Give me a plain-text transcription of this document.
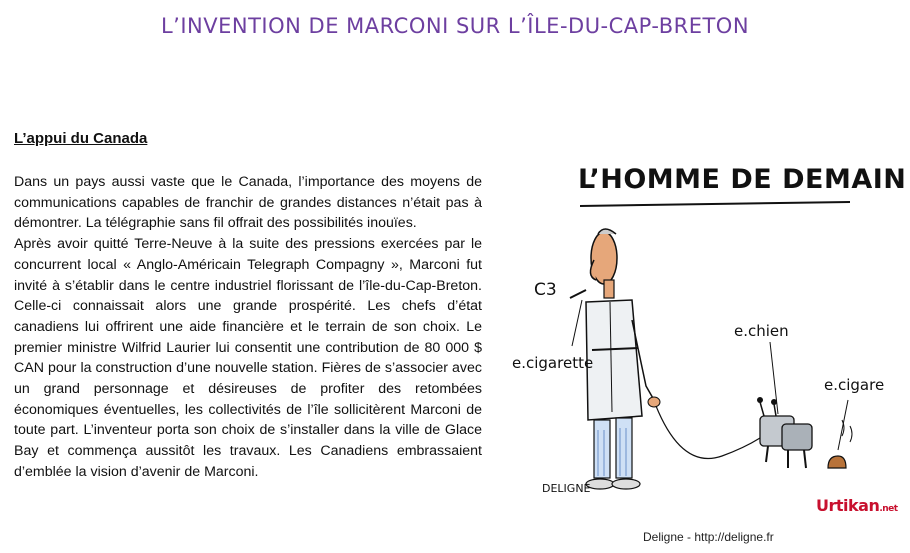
L’INVENTION DE MARCONI SUR L’ÎLE-DU-CAP-BRETON
L’appui du Canada

Dans un pays aussi vaste que le Canada, l’importance des moyens de communications capables de franchir de grandes distances n’était pas à démontrer. La télégraphie sans fil offrait des possibilités inouïes.

Après avoir quitté Terre-Neuve à la suite des pressions exercées par le concurrent local « Anglo-Américain Telegraph Compagny », Marconi fut invité à s’établir dans le centre industriel florissant de l’île-du-Cap-Breton. Celle-ci connaissait alors une grande prospérité. Les chefs d’état canadiens lui offrirent une aide financière et le terrain de son choix. Le premier ministre Wilfrid Laurier lui consentit une contribution de 80 000 $ CAN pour la construction d’une nouvelle station. Fières de s’associer avec un grand personnage et désireuses de profiter des retombées économiques éventuelles, les collectivités de l’île sollicitèrent Marconi de toute part. L’inventeur porta son choix de s’installer dans la ville de Glace Bay et commença aussitôt les travaux. Les Canadiens embrassaient d’emblée la vision d’avenir de Marconi.

L’HOMME DE DEMAIN
C3
e.cigarette
e.chien
e.cigare
DELIGNE
Urtikan.net
Deligne - http://deligne.fr
